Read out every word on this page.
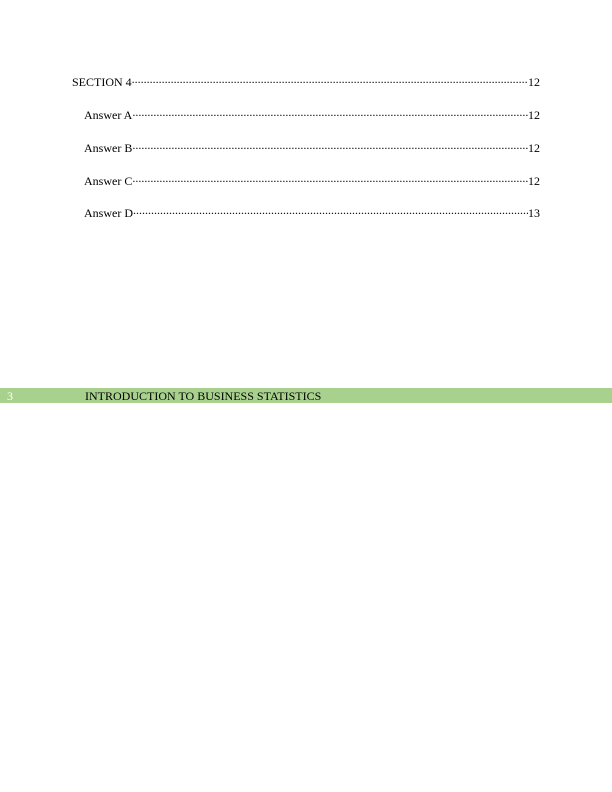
SECTION 4 .....	12
Answer A .....	12
Answer B .....	12
Answer C .....	12
Answer D .....	13
3	INTRODUCTION TO BUSINESS STATISTICS
